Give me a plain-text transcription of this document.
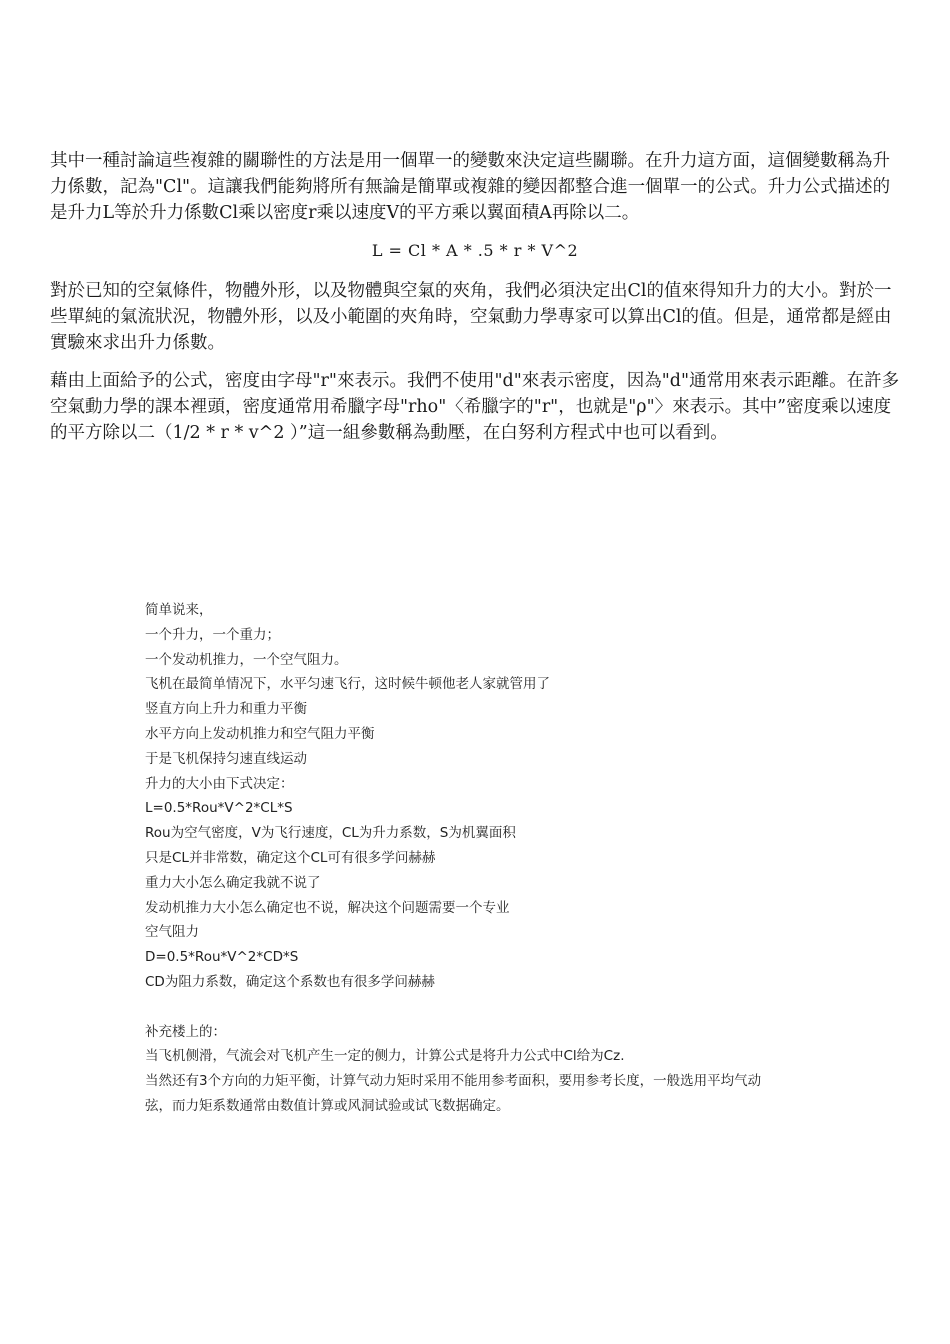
其中一種討論這些複雜的關聯性的方法是用一個單一的變數來決定這些關聯。在升力這方面，這個變數稱為升力係數，記為"Cl"。這讓我們能夠將所有無論是簡單或複雜的變因都整合進一個單一的公式。升力公式描述的是升力L等於升力係數Cl乘以密度r乘以速度V的平方乘以翼面積A再除以二。

L = Cl * A * .5 * r * V^2

對於已知的空氣條件，物體外形，以及物體與空氣的夾角，我們必須決定出Cl的值來得知升力的大小。對於一些單純的氣流狀況，物體外形，以及小範圍的夾角時，空氣動力學專家可以算出Cl的值。但是，通常都是經由實驗來求出升力係數。

藉由上面給予的公式，密度由字母"r"來表示。我們不使用"d"來表示密度，因為"d"通常用來表示距離。在許多空氣動力學的課本裡頭，密度通常用希臘字母"rho"〈希臘字的"r"，也就是"ρ"〉來表示。其中”密度乘以速度的平方除以二（1/2 * r * v^2 ）”這一組參數稱為動壓，在白努利方程式中也可以看到。

简单说来，
一个升力，一个重力；
一个发动机推力，一个空气阻力。
飞机在最简单情况下，水平匀速飞行，这时候牛顿他老人家就管用了
竖直方向上升力和重力平衡
水平方向上发动机推力和空气阻力平衡
于是飞机保持匀速直线运动
升力的大小由下式决定：
L=0.5*Rou*V^2*CL*S
Rou为空气密度，V为飞行速度，CL为升力系数，S为机翼面积
只是CL并非常数，确定这个CL可有很多学问赫赫
重力大小怎么确定我就不说了
发动机推力大小怎么确定也不说，解决这个问题需要一个专业
空气阻力
D=0.5*Rou*V^2*CD*S
CD为阻力系数，确定这个系数也有很多学问赫赫
补充楼上的：
当飞机侧滑，气流会对飞机产生一定的侧力，计算公式是将升力公式中Cl给为Cz.
当然还有3个方向的力矩平衡，计算气动力矩时采用不能用参考面积，要用参考长度，一般选用平均气动
弦，而力矩系数通常由数值计算或风洞试验或试飞数据确定。
